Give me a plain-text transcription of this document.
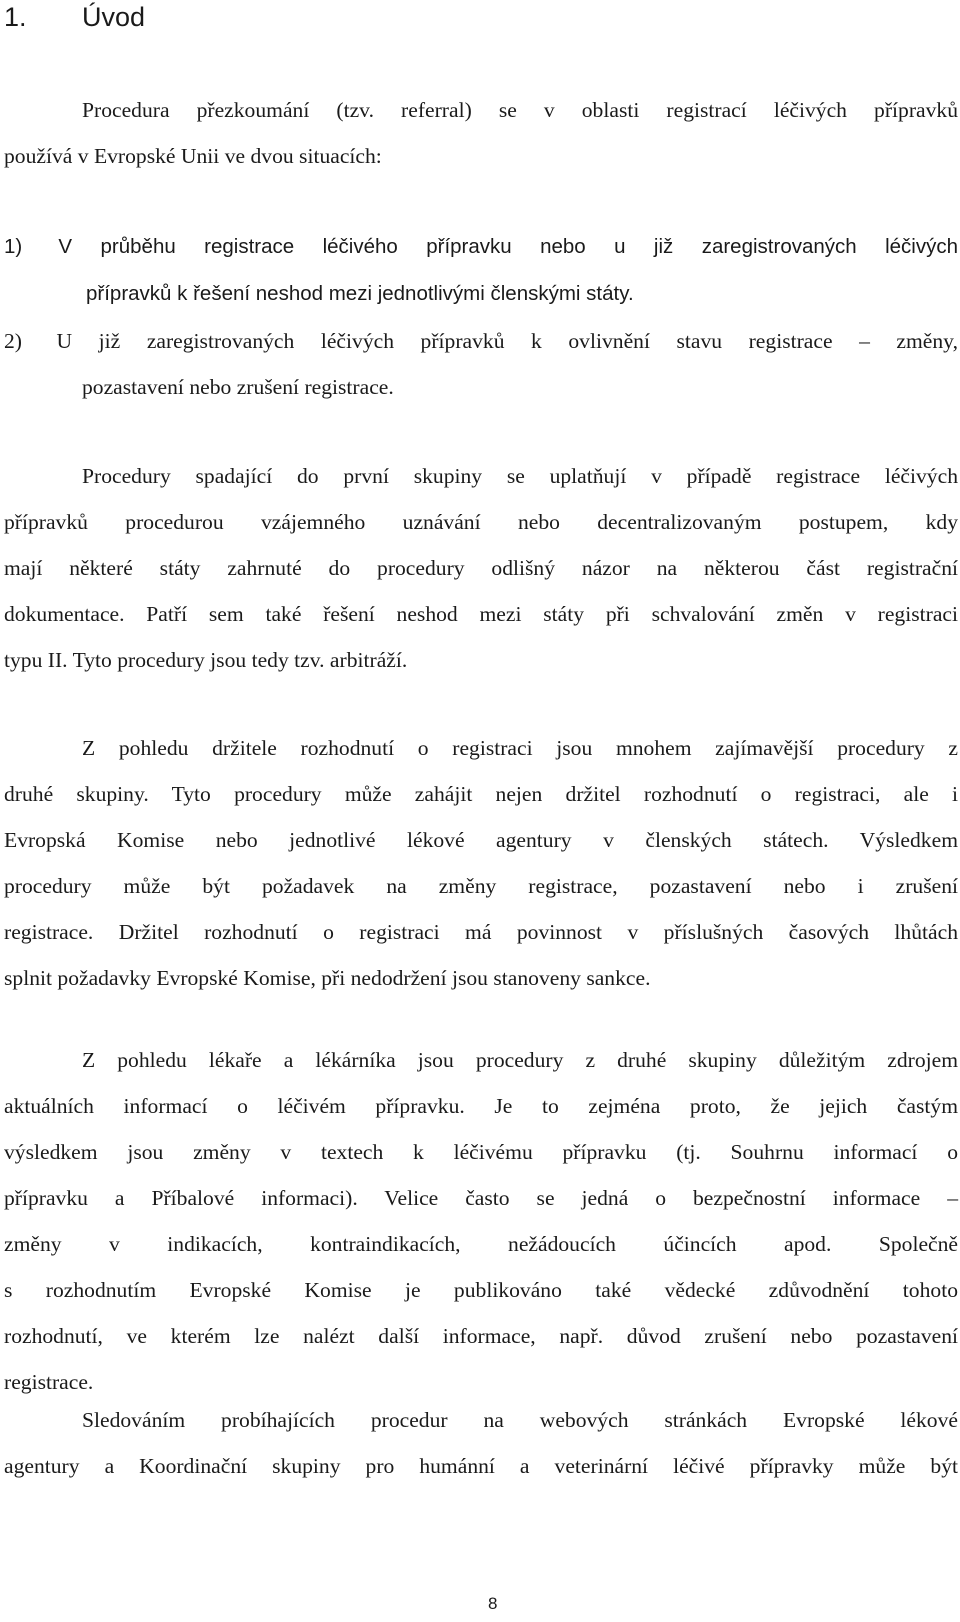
1. Úvod
Procedura přezkoumání (tzv. referral) se v oblasti registrací léčivých přípravků
používá v Evropské Unii ve dvou situacích:
1) V průběhu registrace léčivého přípravku nebo u již zaregistrovaných léčivých
přípravků k řešení neshod mezi jednotlivými členskými státy.
2) U již zaregistrovaných léčivých přípravků k ovlivnění stavu registrace – změny,
pozastavení nebo zrušení registrace.
Procedury spadající do první skupiny se uplatňují v případě registrace léčivých
přípravků procedurou vzájemného uznávání nebo decentralizovaným postupem, kdy
mají některé státy zahrnuté do procedury odlišný názor na některou část registrační
dokumentace. Patří sem také řešení neshod mezi státy při schvalování změn v registraci
typu II. Tyto procedury jsou tedy tzv. arbitráží.
Z pohledu držitele rozhodnutí o registraci jsou mnohem zajímavější procedury z
druhé skupiny. Tyto procedury může zahájit nejen držitel rozhodnutí o registraci, ale i
Evropská Komise nebo jednotlivé lékové agentury v členských státech. Výsledkem
procedury může být požadavek na změny registrace, pozastavení nebo i zrušení
registrace. Držitel rozhodnutí o registraci má povinnost v příslušných časových lhůtách
splnit požadavky Evropské Komise, při nedodržení jsou stanoveny sankce.
Z pohledu lékaře a lékárníka jsou procedury z druhé skupiny důležitým zdrojem
aktuálních informací o léčivém přípravku. Je to zejména proto, že jejich častým
výsledkem jsou změny v textech k léčivému přípravku (tj. Souhrnu informací o
přípravku a Příbalové informaci). Velice často se jedná o bezpečnostní informace –
změny v indikacích, kontraindikacích, nežádoucích účincích apod. Společně
s rozhodnutím Evropské Komise je publikováno také vědecké zdůvodnění tohoto
rozhodnutí, ve kterém lze nalézt další informace, např. důvod zrušení nebo pozastavení
registrace.
Sledováním probíhajících procedur na webových stránkách Evropské lékové
agentury a Koordinační skupiny pro humánní a veterinární léčivé přípravky může být

8
